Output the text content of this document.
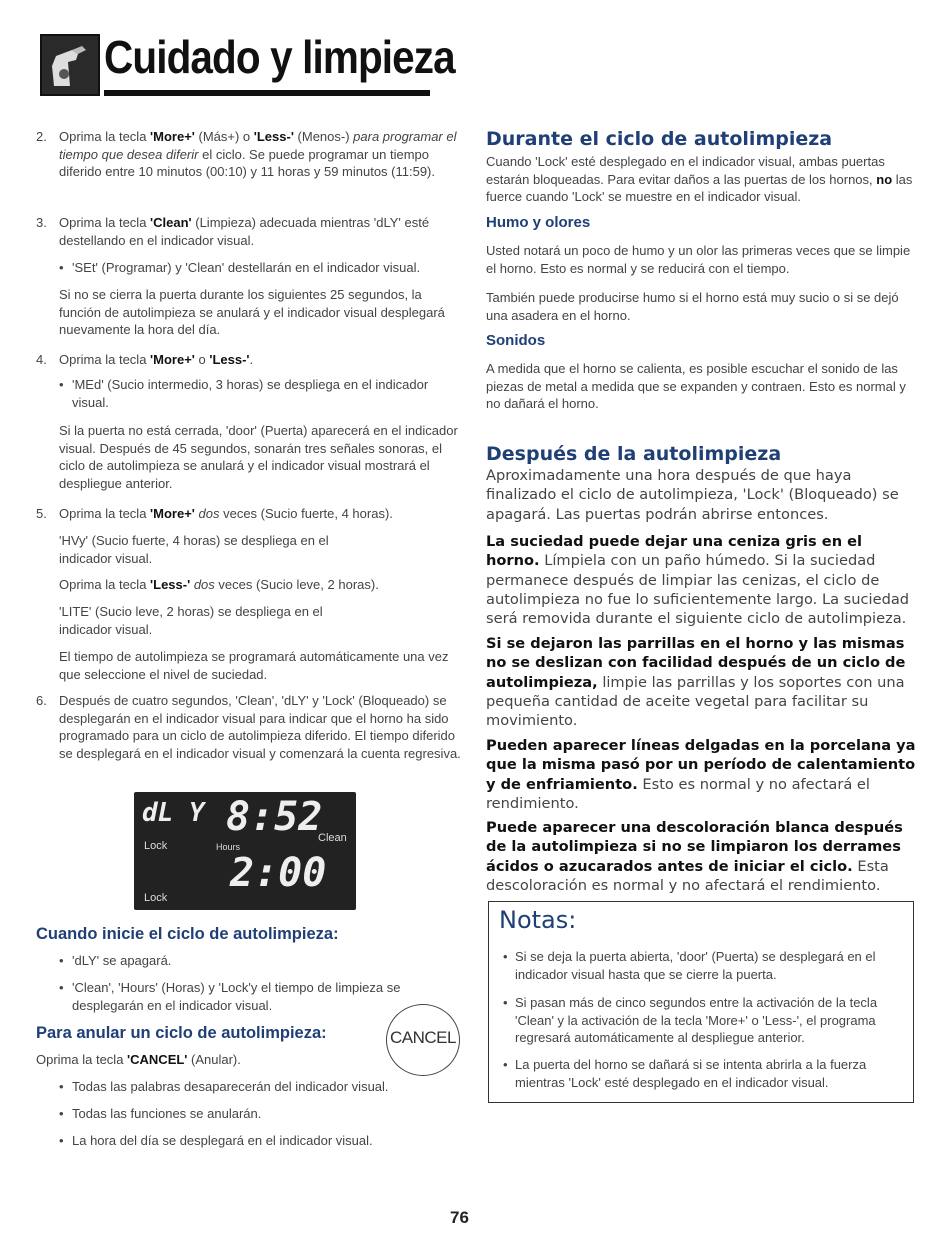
Cuidado y limpieza
2. Oprima la tecla 'More+' (Más+) o 'Less-' (Menos-) para programar el tiempo que desea diferir el ciclo. Se puede programar un tiempo diferido entre 10 minutos (00:10) y 11 horas y 59 minutos (11:59).

3. Oprima la tecla 'Clean' (Limpieza) adecuada mientras 'dLY' esté destellando en el indicador visual.

• 'SEt' (Programar) y 'Clean' destellarán en el indicador visual.
Si no se cierra la puerta durante los siguientes 25 segundos, la función de autolimpieza se anulará y el indicador visual desplegará nuevamente la hora del día.
4. Oprima la tecla 'More+' o 'Less-'.

• 'MEd' (Sucio intermedio, 3 horas) se despliega en el indicador visual.
Si la puerta no está cerrada, 'door' (Puerta) aparecerá en el indicador visual. Después de 45 segundos, sonarán tres señales sonoras, el ciclo de autolimpieza se anulará y el indicador visual mostrará el despliegue anterior.
5. Oprima la tecla 'More+' dos veces (Sucio fuerte, 4 horas).

'HVy' (Sucio fuerte, 4 horas) se despliega en el indicador visual.
Oprima la tecla 'Less-' dos veces (Sucio leve, 2 horas).
'LITE' (Sucio leve, 2 horas) se despliega en el indicador visual.
El tiempo de autolimpieza se programará automáticamente una vez que seleccione el nivel de suciedad.
6. Después de cuatro segundos, 'Clean', 'dLY' y 'Lock' (Bloqueado) se desplegarán en el indicador visual para indicar que el horno ha sido programado para un ciclo de autolimpieza diferido. El tiempo diferido se desplegará en el indicador visual y comenzará la cuenta regresiva.

dL Y 8:52
Lock	Hours
Clean
2:00
Lock
Cuando inicie el ciclo de autolimpieza:
• 'dLY' se apagará.
• 'Clean', 'Hours' (Horas) y 'Lock'y el tiempo de limpieza se desplegarán en el indicador visual.
Para anular un ciclo de autolimpieza:
Oprima la tecla 'CANCEL' (Anular).
CANCEL
• Todas las palabras desaparecerán del indicador visual.
• Todas las funciones se anularán.
• La hora del día se desplegará en el indicador visual.
Durante el ciclo de autolimpieza

Cuando 'Lock' esté desplegado en el indicador visual, ambas puertas estarán bloqueadas. Para evitar daños a las puertas de los hornos, no las fuerce cuando 'Lock' se muestre en el indicador visual.

Humo y olores

Usted notará un poco de humo y un olor las primeras veces que se limpie el horno. Esto es normal y se reducirá con el tiempo.

También puede producirse humo si el horno está muy sucio o si se dejó una asadera en el horno.

Sonidos

A medida que el horno se calienta, es posible escuchar el sonido de las piezas de metal a medida que se expanden y contraen. Esto es normal y no dañará el horno.

Después de la autolimpieza

Aproximadamente una hora después de que haya finalizado el ciclo de autolimpieza, 'Lock' (Bloqueado) se apagará. Las puertas podrán abrirse entonces.

La suciedad puede dejar una ceniza gris en el horno. Límpiela con un paño húmedo. Si la suciedad permanece después de limpiar las cenizas, el ciclo de autolimpieza no fue lo suficientemente largo. La suciedad será removida durante el siguiente ciclo de autolimpieza.

Si se dejaron las parrillas en el horno y las mismas no se deslizan con facilidad después de un ciclo de autolimpieza, limpie las parrillas y los soportes con una pequeña cantidad de aceite vegetal para facilitar su movimiento.

Pueden aparecer líneas delgadas en la porcelana ya que la misma pasó por un período de calentamiento y de enfriamiento. Esto es normal y no afectará el rendimiento.

Puede aparecer una descoloración blanca después de la autolimpieza si no se limpiaron los derrames ácidos o azucarados antes de iniciar el ciclo. Esta descoloración es normal y no afectará el rendimiento.

Notas:
• Si se deja la puerta abierta, 'door' (Puerta) se desplegará en el indicador visual hasta que se cierre la puerta.
• Si pasan más de cinco segundos entre la activación de la tecla 'Clean' y la activación de la tecla 'More+' o 'Less-', el programa regresará automáticamente al despliegue anterior.
• La puerta del horno se dañará si se intenta abrirla a la fuerza mientras 'Lock' esté desplegado en el indicador visual.
76
